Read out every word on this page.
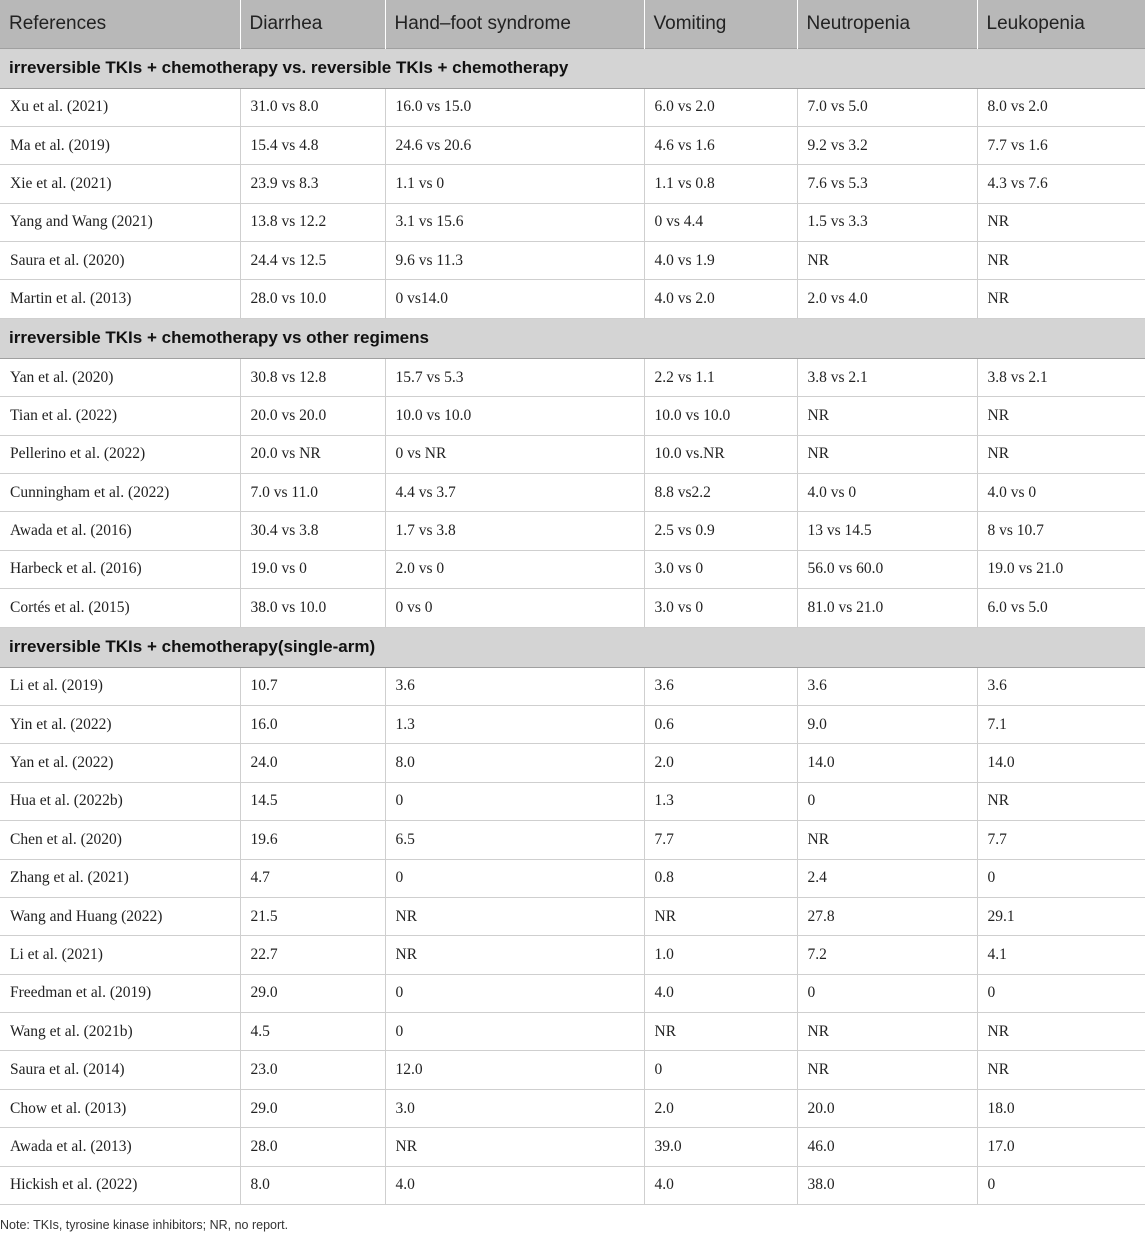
References	Diarrhea	Hand–foot syndrome	Vomiting	Neutropenia	Leukopenia
irreversible TKIs + chemotherapy vs. reversible TKIs + chemotherapy					
Xu et al. (2021)	31.0 vs 8.0	16.0 vs 15.0	6.0 vs 2.0	7.0 vs 5.0	8.0 vs 2.0
Ma et al. (2019)	15.4 vs 4.8	24.6 vs 20.6	4.6 vs 1.6	9.2 vs 3.2	7.7 vs 1.6
Xie et al. (2021)	23.9 vs 8.3	1.1 vs 0	1.1 vs 0.8	7.6 vs 5.3	4.3 vs 7.6
Yang and Wang (2021)	13.8 vs 12.2	3.1 vs 15.6	0 vs 4.4	1.5 vs 3.3	NR
Saura et al. (2020)	24.4 vs 12.5	9.6 vs 11.3	4.0 vs 1.9	NR	NR
Martin et al. (2013)	28.0 vs 10.0	0 vs14.0	4.0 vs 2.0	2.0 vs 4.0	NR
irreversible TKIs + chemotherapy vs other regimens					
Yan et al. (2020)	30.8 vs 12.8	15.7 vs 5.3	2.2 vs 1.1	3.8 vs 2.1	3.8 vs 2.1
Tian et al. (2022)	20.0 vs 20.0	10.0 vs 10.0	10.0 vs 10.0	NR	NR
Pellerino et al. (2022)	20.0 vs NR	0 vs NR	10.0 vs.NR	NR	NR
Cunningham et al. (2022)	7.0 vs 11.0	4.4 vs 3.7	8.8 vs2.2	4.0 vs 0	4.0 vs 0
Awada et al. (2016)	30.4 vs 3.8	1.7 vs 3.8	2.5 vs 0.9	13 vs 14.5	8 vs 10.7
Harbeck et al. (2016)	19.0 vs 0	2.0 vs 0	3.0 vs 0	56.0 vs 60.0	19.0 vs 21.0
Cortés et al. (2015)	38.0 vs 10.0	0 vs 0	3.0 vs 0	81.0 vs 21.0	6.0 vs 5.0
irreversible TKIs + chemotherapy(single-arm)					
Li et al. (2019)	10.7	3.6	3.6	3.6	3.6
Yin et al. (2022)	16.0	1.3	0.6	9.0	7.1
Yan et al. (2022)	24.0	8.0	2.0	14.0	14.0
Hua et al. (2022b)	14.5	0	1.3	0	NR
Chen et al. (2020)	19.6	6.5	7.7	NR	7.7
Zhang et al. (2021)	4.7	0	0.8	2.4	0
Wang and Huang (2022)	21.5	NR	NR	27.8	29.1
Li et al. (2021)	22.7	NR	1.0	7.2	4.1
Freedman et al. (2019)	29.0	0	4.0	0	0
Wang et al. (2021b)	4.5	0	NR	NR	NR
Saura et al. (2014)	23.0	12.0	0	NR	NR
Chow et al. (2013)	29.0	3.0	2.0	20.0	18.0
Awada et al. (2013)	28.0	NR	39.0	46.0	17.0
Hickish et al. (2022)	8.0	4.0	4.0	38.0	0

Note: TKIs, tyrosine kinase inhibitors; NR, no report.
